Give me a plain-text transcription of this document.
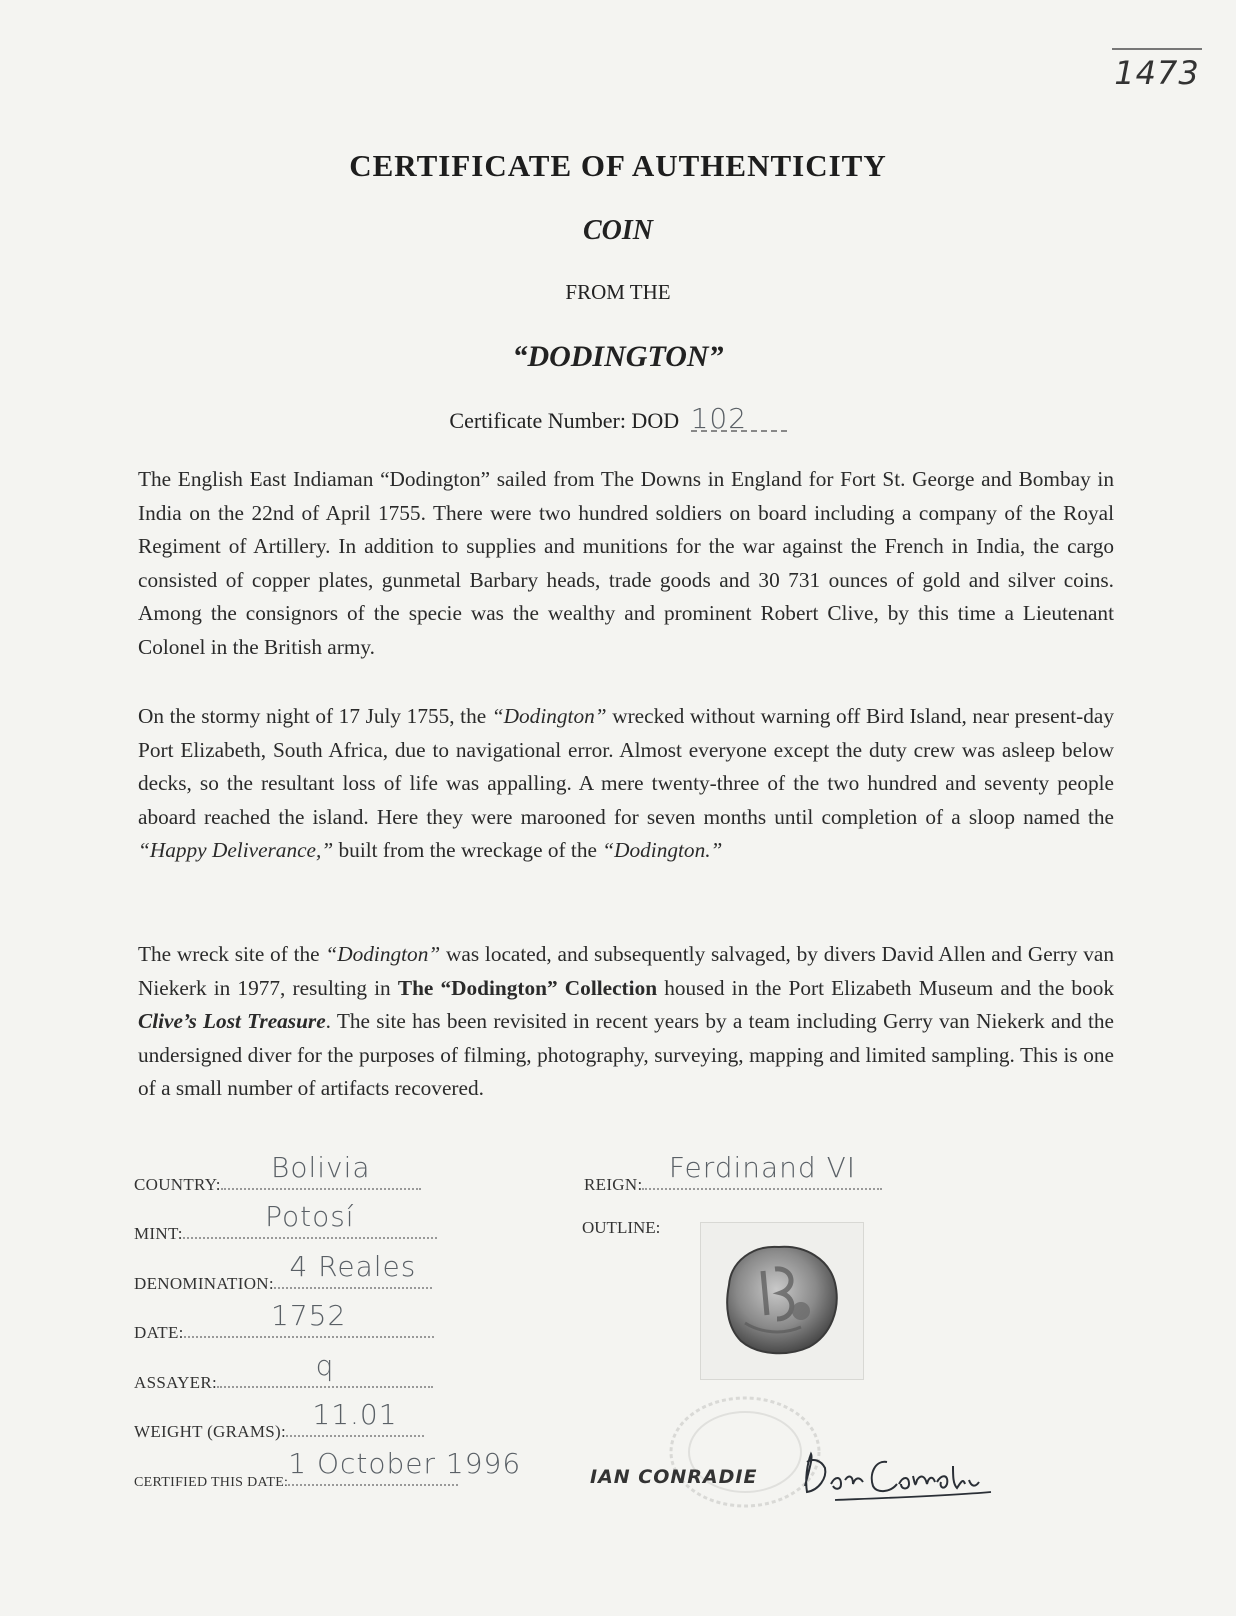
1473
CERTIFICATE OF AUTHENTICITY
COIN
FROM THE
“DODINGTON”
Certificate Number: DOD 102

The English East Indiaman “Dodington” sailed from The Downs in England for Fort St. George and Bombay in India on the 22nd of April 1755. There were two hundred soldiers on board including a company of the Royal Regiment of Artillery. In addition to supplies and munitions for the war against the French in India, the cargo consisted of copper plates, gunmetal Barbary heads, trade goods and 30 731 ounces of gold and silver coins. Among the consignors of the specie was the wealthy and prominent Robert Clive, by this time a Lieutenant Colonel in the British army.

On the stormy night of 17 July 1755, the “Dodington” wrecked without warning off Bird Island, near present-day Port Elizabeth, South Africa, due to navigational error. Almost everyone except the duty crew was asleep below decks, so the resultant loss of life was appalling. A mere twenty-three of the two hundred and seventy people aboard reached the island. Here they were marooned for seven months until completion of a sloop named the “Happy Deliverance,” built from the wreckage of the “Dodington.”

The wreck site of the “Dodington” was located, and subsequently salvaged, by divers David Allen and Gerry van Niekerk in 1977, resulting in The “Dodington” Collection housed in the Port Elizabeth Museum and the book Clive’s Lost Treasure. The site has been revisited in recent years by a team including Gerry van Niekerk and the undersigned diver for the purposes of filming, photography, surveying, mapping and limited sampling. This is one of a small number of artifacts recovered.

COUNTRY:
Bolivia
MINT:
Potosí
DENOMINATION:
4 Reales
DATE:
1752
ASSAYER:
q
WEIGHT (GRAMS):
11.01
CERTIFIED THIS DATE:
1 October 1996
REIGN:
Ferdinand VI
OUTLINE:
IAN CONRADIE
